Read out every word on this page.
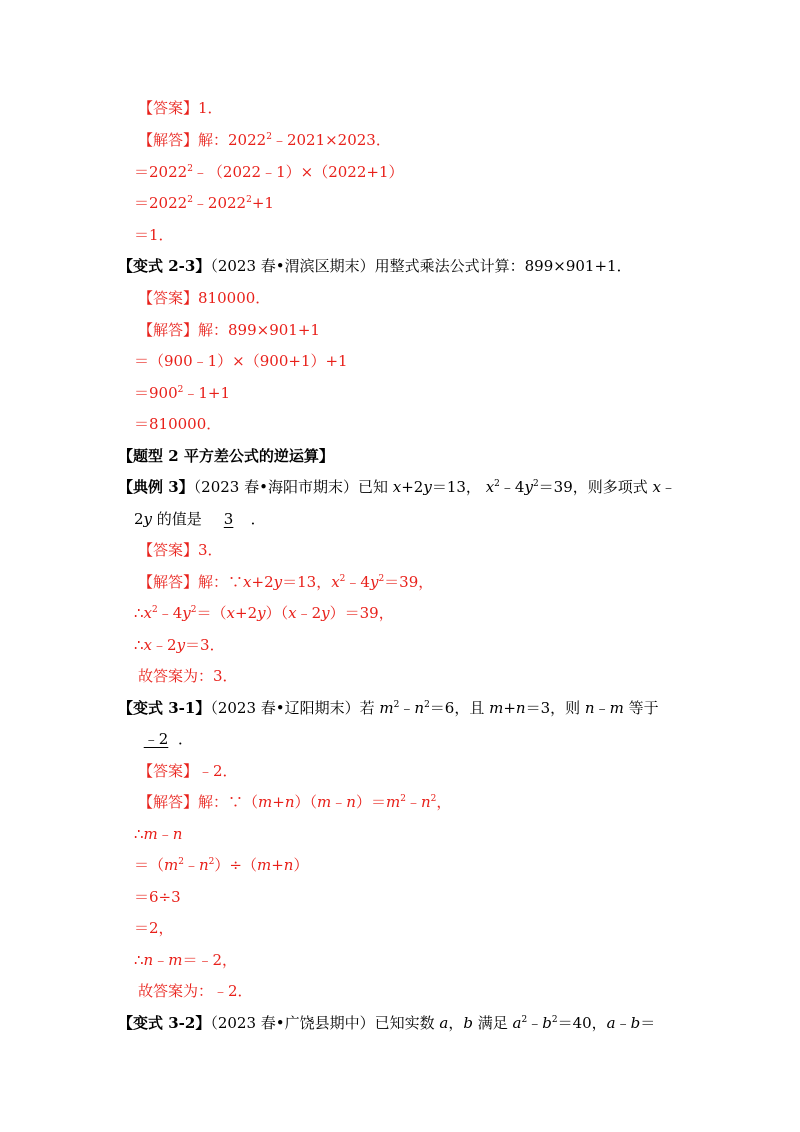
【答案】1．
【解答】解：$2022^2﹣2021\times 2023$．
$=2022^2﹣(2022﹣1)\times(2022+1)$
$=2022^2﹣2022^2+1$
＝1．
【变式 2-3】（2023 春•渭滨区期末）用整式乘法公式计算：899×901+1．
【答案】810000．
【解答】解：899×901+1
＝（900﹣1）×（900+1）+1
$=900^2﹣1+1$
＝810000．
【题型 2 平方差公式的逆运算】
【典例 3】（2023 春•海阳市期末）已知 x+2y＝13， $x^2﹣4y^2=39$，则多项式 x﹣
2y 的值是 3 ．
【答案】3．
【解答】解：∵x+2y＝13，$x^2﹣4y^2=39$，
$\therefore x^2﹣4y^2=(x+2y)(x﹣2y)=39$，
∴x﹣2y＝3．
故答案为：3．
【变式 3-1】（2023 春•辽阳期末）若 $m^2﹣n^2=6$，且 m+n＝3，则 n﹣m 等于
﹣2 ．
【答案】﹣2．
【解答】解：$\because(m+n)(m﹣n)=m^2﹣n^2$，
∴m﹣n
$=(m^2﹣n^2)\div(m+n)$
＝6÷3
＝2，
∴n﹣m＝﹣2，
故答案为：﹣2．
【变式 3-2】（2023 春•广饶县期中）已知实数 a，b 满足 $a^2﹣b^2=40$，a﹣b＝
